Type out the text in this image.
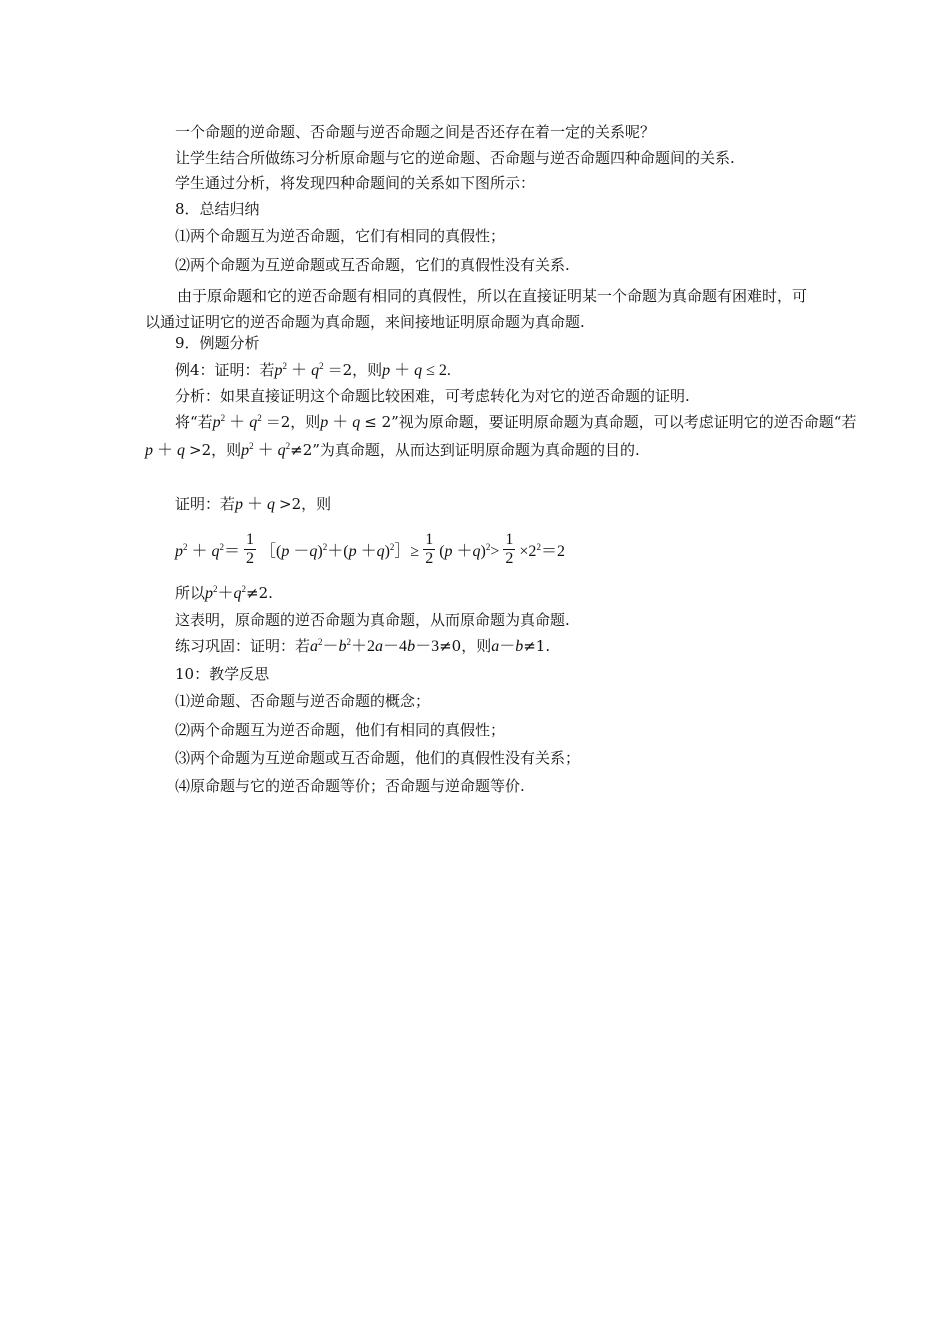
一个命题的逆命题、否命题与逆否命题之间是否还存在着一定的关系呢？
让学生结合所做练习分析原命题与它的逆命题、否命题与逆否命题四种命题间的关系.
学生通过分析，将发现四种命题间的关系如下图所示：
8．总结归纳
⑴两个命题互为逆否命题，它们有相同的真假性；
⑵两个命题为互逆命题或互否命题，它们的真假性没有关系.
由于原命题和它的逆否命题有相同的真假性，所以在直接证明某一个命题为真命题有困难时，可以通过证明它的逆否命题为真命题，来间接地证明原命题为真命题.
9．例题分析
例4：证明：若$p^2 + q^2 =2$，则p ＋ q ≤ 2.
分析：如果直接证明这个命题比较困难，可考虑转化为对它的逆否命题的证明.
将“若$p^2 + q^2 =2$，则p ＋ q ≤ 2”视为原命题，要证明原命题为真命题，可以考虑证明它的逆否命题“若
p ＋ q >2，则$p^2 + q^2\ne 2$”为真命题，从而达到证明原命题为真命题的目的.
证明：若p ＋ q >2，则
$p^2 + q^2= \frac{1}{2}$ ［(p $-q)^2+(p +q)^2]\ge \frac{1}{2} (p +q)^2> \frac{1}{2} \times 2^2=2$
所以$p^2+q^2\ne 2$.
这表明，原命题的逆否命题为真命题，从而原命题为真命题.
练习巩固：证明：若$a^2-b^2+2a-4b-3\ne 0$，则a－b≠1.
10：教学反思
⑴逆命题、否命题与逆否命题的概念；
⑵两个命题互为逆否命题，他们有相同的真假性；
⑶两个命题为互逆命题或互否命题，他们的真假性没有关系；
⑷原命题与它的逆否命题等价；否命题与逆命题等价.
